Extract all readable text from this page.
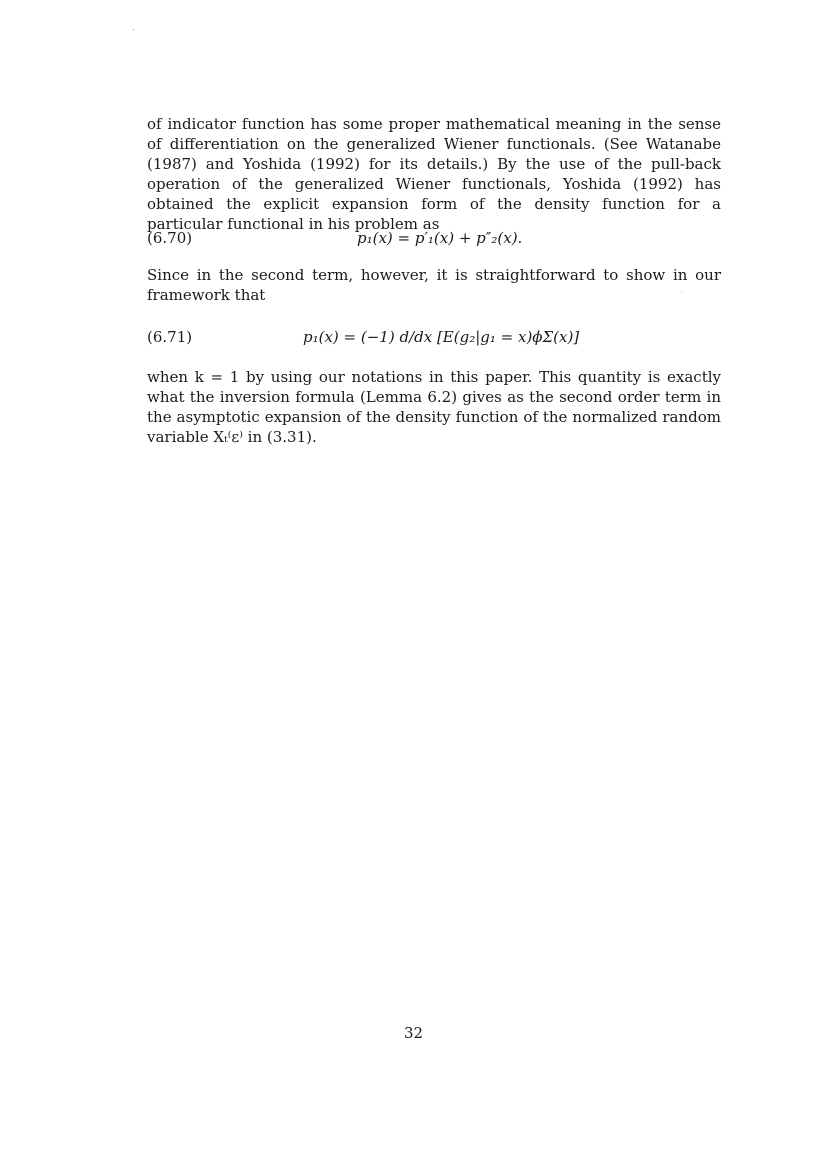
of indicator function has some proper mathematical meaning in the sense of differentiation on the generalized Wiener functionals. (See Watanabe (1987) and Yoshida (1992) for its details.) By the use of the pull-back operation of the generalized Wiener functionals, Yoshida (1992) has obtained the explicit expansion form of the density function for a particular functional in his problem as

(6.70)	p₁(x) = p′₁(x) + p″₂(x).

Since in the second term, however, it is straightforward to show in our framework that

(6.71)	p₁(x) = (−1) d/dx [E(g₂|g₁ = x)ϕΣ(x)]

when k = 1 by using our notations in this paper. This quantity is exactly what the inversion formula (Lemma 6.2) gives as the second order term in the asymptotic expansion of the density function of the normalized random variable Xₜ⁽ε⁾ in (3.31).

32
